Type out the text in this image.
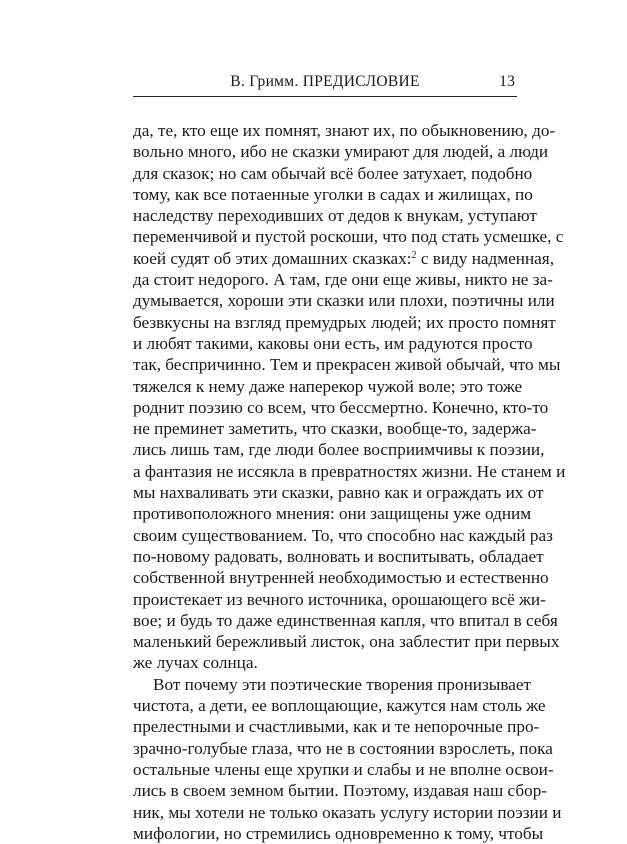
В. Гримм. ПРЕДИСЛОВИЕ	13
да, те, кто еще их помнят, знают их, по обыкновению, до-
вольно много, ибо не сказки умирают для людей, а люди
для сказок; но сам обычай всё более затухает, подобно
тому, как все потаенные уголки в садах и жилищах, по
наследству переходивших от дедов к внукам, уступают
переменчивой и пустой роскоши, что под стать усмешке, с
коей судят об этих домашних сказках:$^2$ с виду надменная,
да стоит недорого. А там, где они еще живы, никто не за-
думывается, хороши эти сказки или плохи, поэтичны или
безвкусны на взгляд премудрых людей; их просто помнят
и любят такими, каковы они есть, им радуются просто
так, беспричинно. Тем и прекрасен живой обычай, что мы
тяжелся к нему даже наперекор чужой воле; это тоже
роднит поэзию со всем, что бессмертно. Конечно, кто-то
не преминет заметить, что сказки, вообще-то, задержа-
лись лишь там, где люди более восприимчивы к поэзии,
а фантазия не иссякла в превратностях жизни. Не станем и
мы нахваливать эти сказки, равно как и ограждать их от
противоположного мнения: они защищены уже одним
своим существованием. То, что способно нас каждый раз
по-новому радовать, волновать и воспитывать, обладает
собственной внутренней необходимостью и естественно
проистекает из вечного источника, орошающего всё жи-
вое; и будь то даже единственная капля, что впитал в себя
маленький бережливый листок, она заблестит при первых
же лучах солнца.
Вот почему эти поэтические творения пронизывает
чистота, а дети, ее воплощающие, кажутся нам столь же
прелестными и счастливыми, как и те непорочные про-
зрачно-голубые глаза, что не в состоянии взрослеть, пока
остальные члены еще хрупки и слабы и не вполне освои-
лись в своем земном бытии. Поэтому, издавая наш сбор-
ник, мы хотели не только оказать услугу истории поэзии и
мифологии, но стремились одновременно к тому, чтобы
